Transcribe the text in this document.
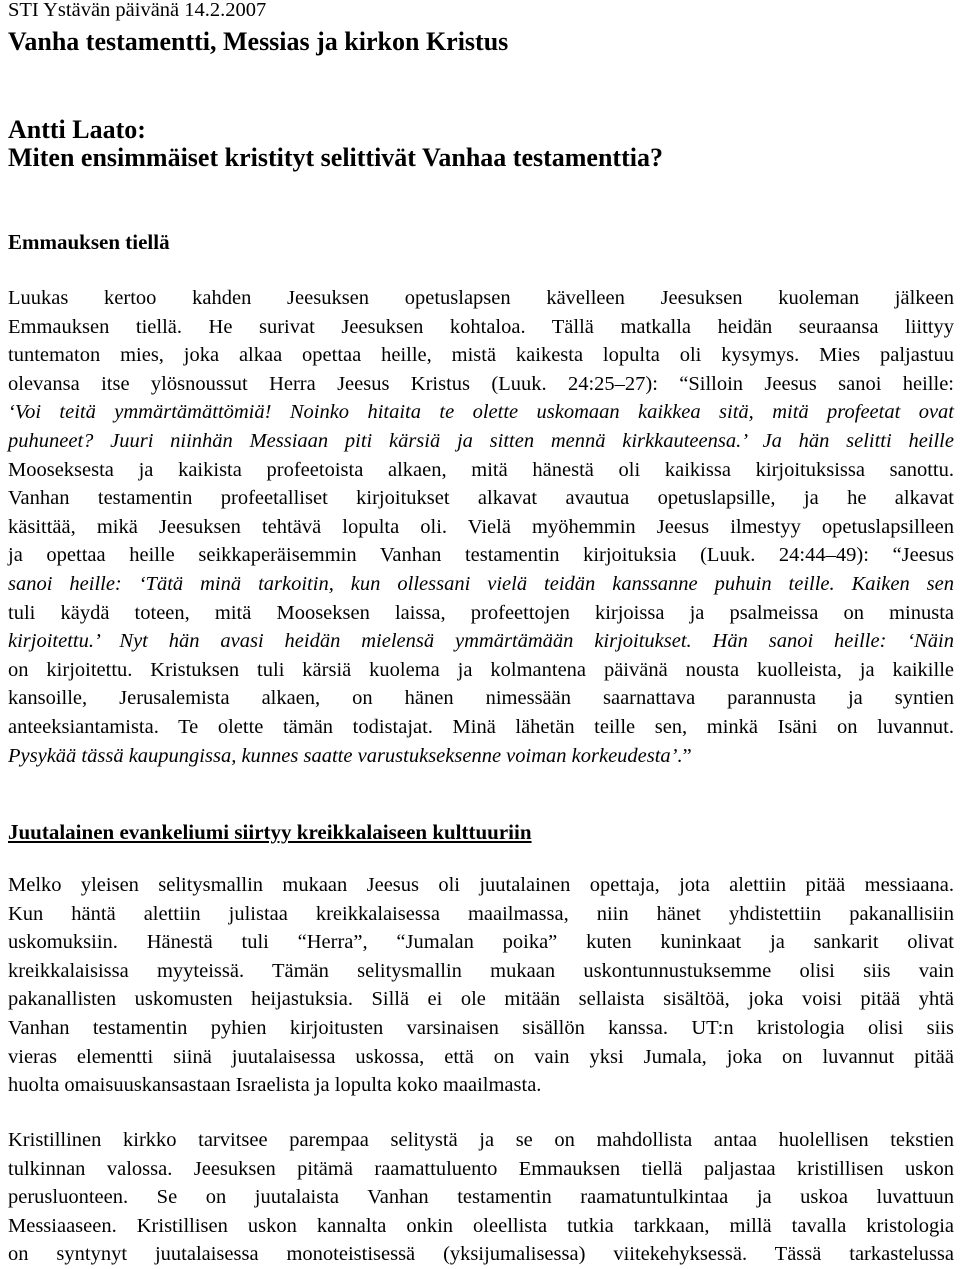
STI Ystävän päivänä 14.2.2007
Vanha testamentti, Messias ja kirkon Kristus
Antti Laato:
Miten ensimmäiset kristityt selittivät Vanhaa testamenttia?
Emmauksen tiellä
Luukas kertoo kahden Jeesuksen opetuslapsen kävelleen Jeesuksen kuoleman jälkeen
Emmauksen tiellä. He surivat Jeesuksen kohtaloa. Tällä matkalla heidän seuraansa liittyy
tuntematon mies, joka alkaa opettaa heille, mistä kaikesta lopulta oli kysymys. Mies paljastuu
olevansa itse ylösnoussut Herra Jeesus Kristus (Luuk. 24:25–27): “Silloin Jeesus sanoi heille:
‘Voi teitä ymmärtämättömiä! Noinko hitaita te olette uskomaan kaikkea sitä, mitä profeetat ovat
puhuneet? Juuri niinhän Messiaan piti kärsiä ja sitten mennä kirkkauteensa.’ Ja hän selitti heille
Mooseksesta ja kaikista profeetoista alkaen, mitä hänestä oli kaikissa kirjoituksissa sanottu.
Vanhan testamentin profeetalliset kirjoitukset alkavat avautua opetuslapsille, ja he alkavat
käsittää, mikä Jeesuksen tehtävä lopulta oli. Vielä myöhemmin Jeesus ilmestyy opetuslapsilleen
ja opettaa heille seikkaperäisemmin Vanhan testamentin kirjoituksia (Luuk. 24:44–49): “Jeesus
sanoi heille: ‘Tätä minä tarkoitin, kun ollessani vielä teidän kanssanne puhuin teille. Kaiken sen
tuli käydä toteen, mitä Mooseksen laissa, profeettojen kirjoissa ja psalmeissa on minusta
kirjoitettu.’ Nyt hän avasi heidän mielensä ymmärtämään kirjoitukset. Hän sanoi heille: ‘Näin
on kirjoitettu. Kristuksen tuli kärsiä kuolema ja kolmantena päivänä nousta kuolleista, ja kaikille
kansoille, Jerusalemista alkaen, on hänen nimessään saarnattava parannusta ja syntien
anteeksiantamista. Te olette tämän todistajat. Minä lähetän teille sen, minkä Isäni on luvannut.
Pysykää tässä kaupungissa, kunnes saatte varustukseksenne voiman korkeudesta’.”
Juutalainen evankeliumi siirtyy kreikkalaiseen kulttuuriin
Melko yleisen selitysmallin mukaan Jeesus oli juutalainen opettaja, jota alettiin pitää messiaana.
Kun häntä alettiin julistaa kreikkalaisessa maailmassa, niin hänet yhdistettiin pakanallisiin
uskomuksiin. Hänestä tuli “Herra”, “Jumalan poika” kuten kuninkaat ja sankarit olivat
kreikkalaisissa myyteissä. Tämän selitysmallin mukaan uskontunnustuksemme olisi siis vain
pakanallisten uskomusten heijastuksia. Sillä ei ole mitään sellaista sisältöä, joka voisi pitää yhtä
Vanhan testamentin pyhien kirjoitusten varsinaisen sisällön kanssa. UT:n kristologia olisi siis
vieras elementti siinä juutalaisessa uskossa, että on vain yksi Jumala, joka on luvannut pitää
huolta omaisuuskansastaan Israelista ja lopulta koko maailmasta.
Kristillinen kirkko tarvitsee parempaa selitystä ja se on mahdollista antaa huolellisen tekstien
tulkinnan valossa. Jeesuksen pitämä raamattuluento Emmauksen tiellä paljastaa kristillisen uskon
perusluonteen. Se on juutalaista Vanhan testamentin raamatuntulkintaa ja uskoa luvattuun
Messiaaseen. Kristillisen uskon kannalta onkin oleellista tutkia tarkkaan, millä tavalla kristologia
on syntynyt juutalaisessa monoteistisessä (yksijumalisessa) viitekehyksessä. Tässä tarkastelussa
